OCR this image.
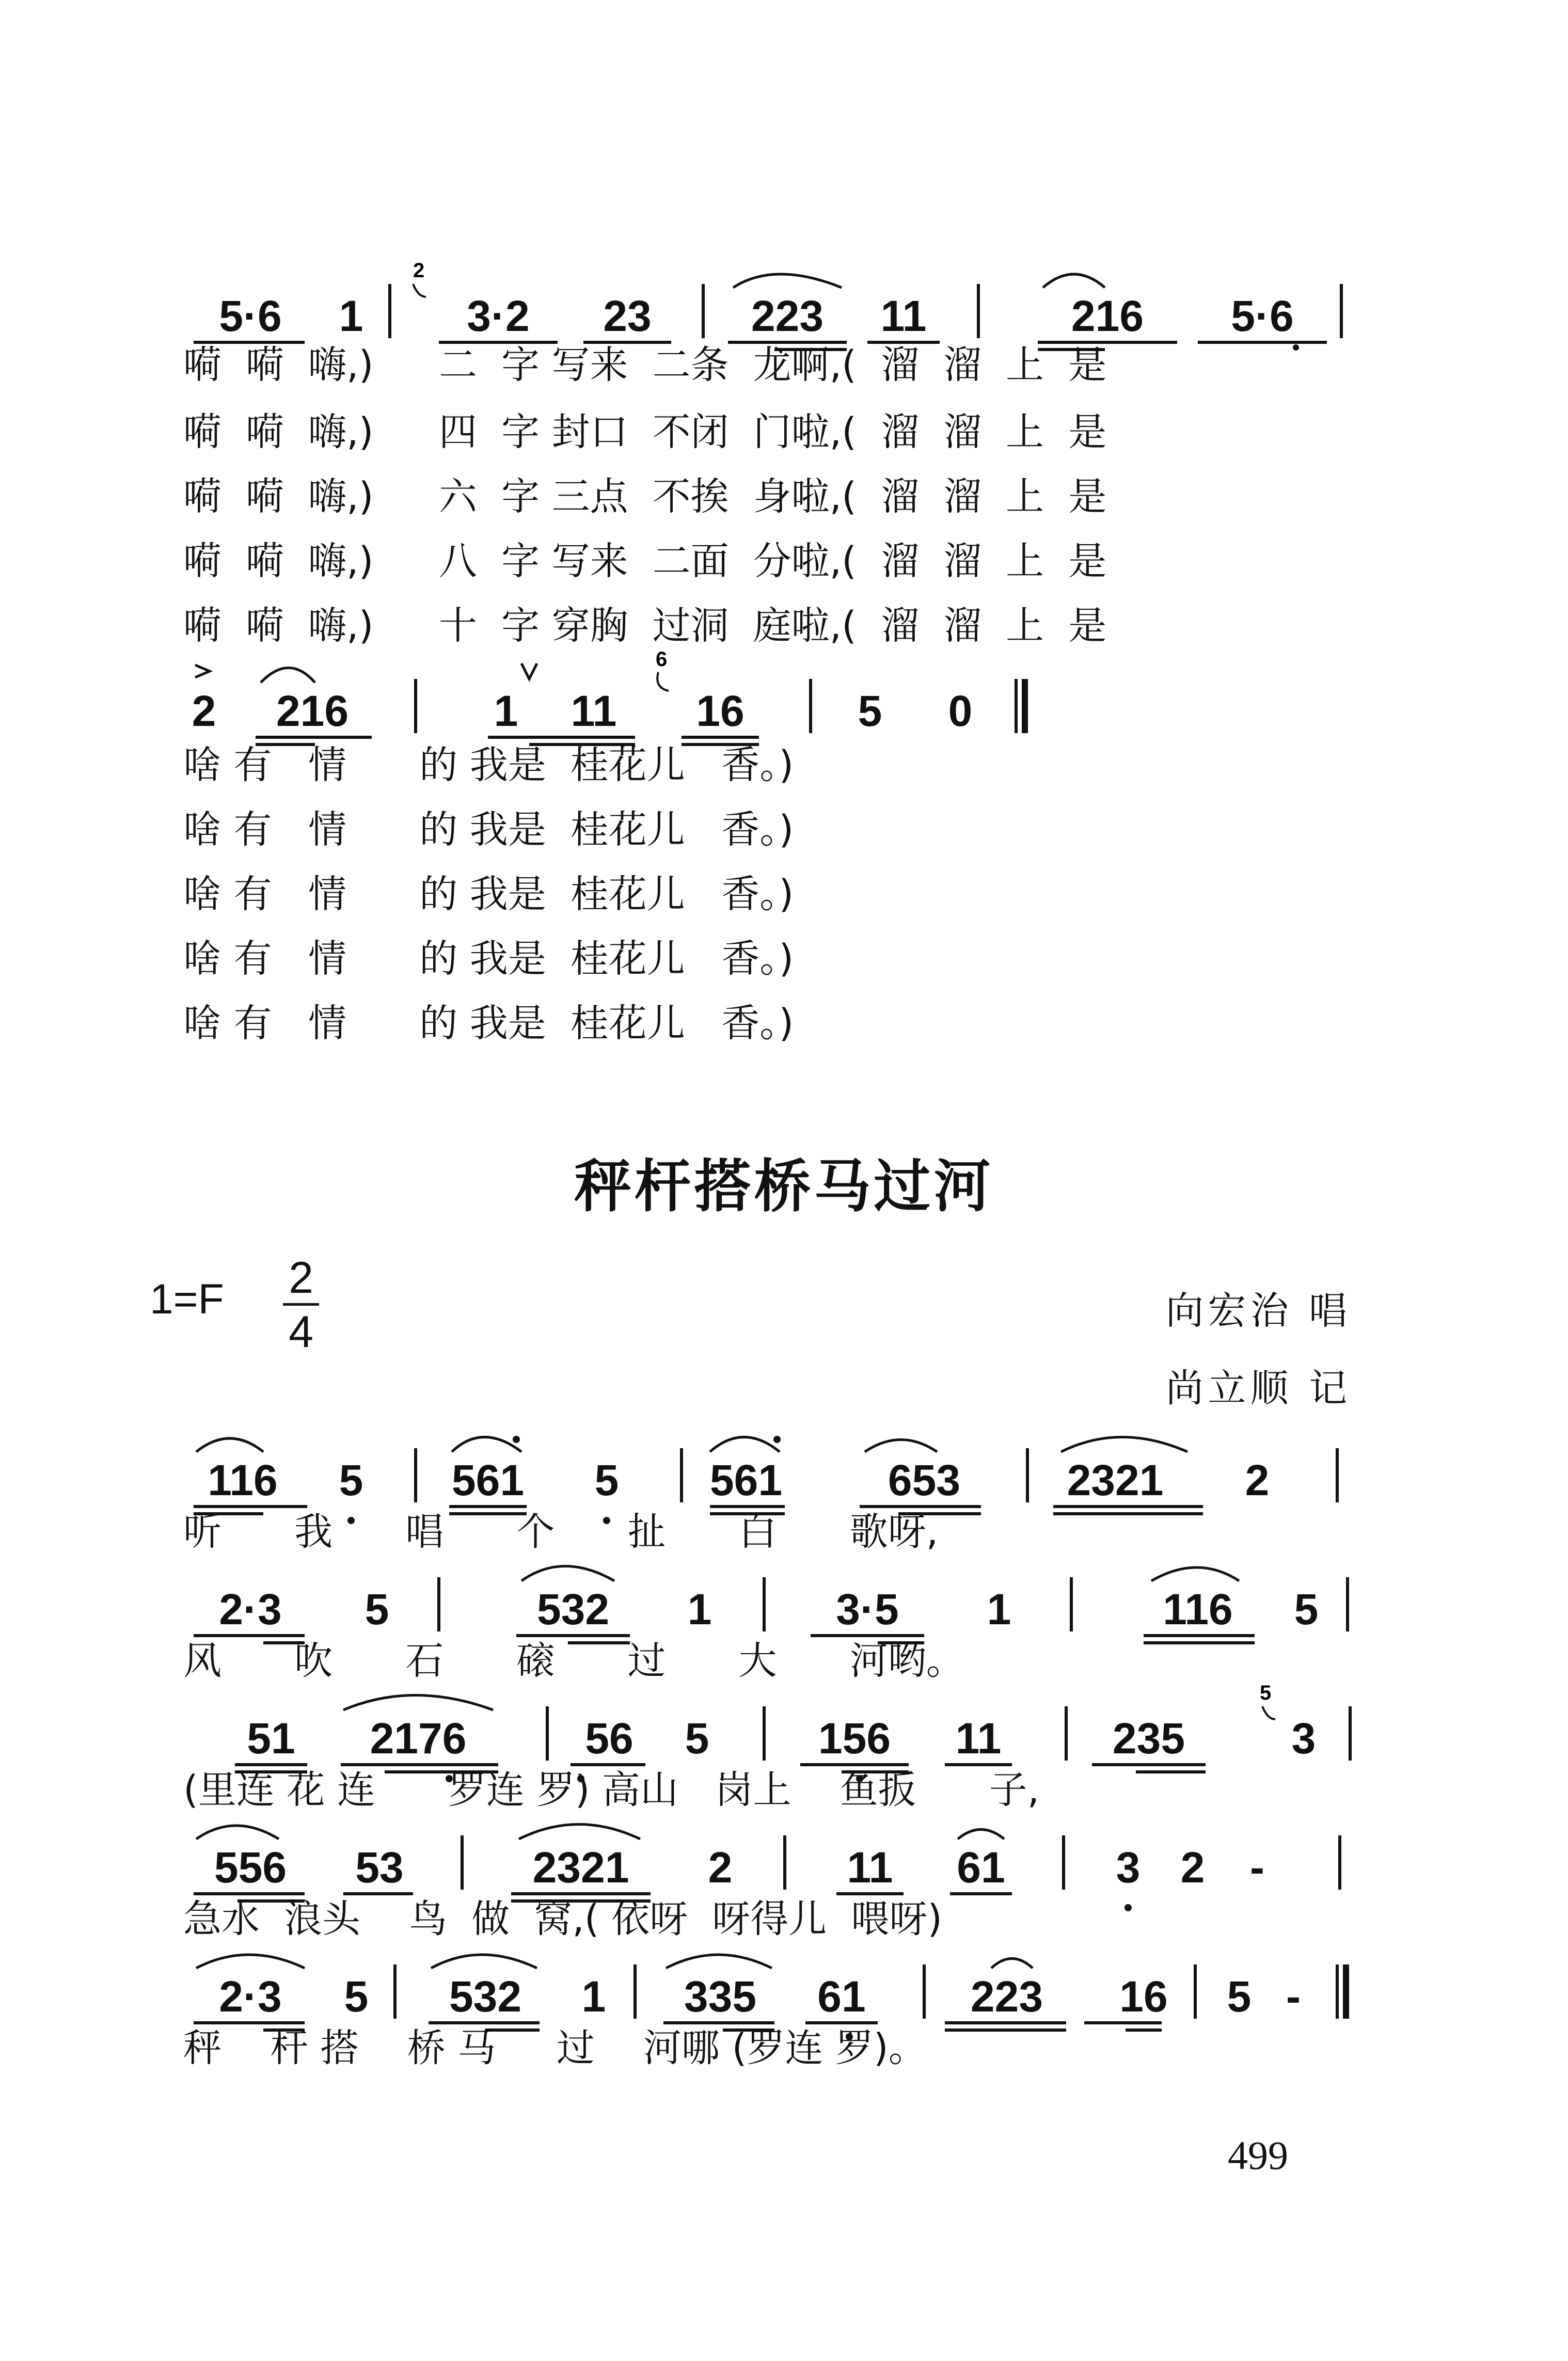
2
5·6 1 3·2 23 223 11	216 5·6
嗬  嗬  嗨,) 二  字 写来  二条  龙啊,(  溜  溜  上  是
嗬  嗬  嗨,) 四  字 封口  不闭  门啦,(  溜  溜  上  是
嗬  嗬  嗨,) 六  字 三点  不挨  身啦,(  溜  溜  上  是
嗬  嗬  嗨,) 八  字 写来  二面  分啦,(  溜  溜  上  是
嗬  嗬  嗨,) 十  字 穿胸  过洞  庭啦,(  溜  溜  上  是
6
2 216	1 11 16	5 0
啥 有   情      的 我是  桂花儿   香。)
啥 有   情      的 我是  桂花儿   香。)
啥 有   情      的 我是  桂花儿   香。)
啥 有   情      的 我是  桂花儿   香。)
啥 有   情      的 我是  桂花儿   香。)
秤杆搭桥马过河
1=F 2
4	向宏治 唱
尚立顺 记
116 5 561 5 561 653 2321 2
听      我      唱      个      扯      白      歌呀,
2·3 5	532 1	3·5 1	116 5
风      吹      石      磙      过      大      河哟。
5
51 2176	56 5	156 11	235 3
(里连 花 连      罗连 罗) 高山   岗上    鱼扳      子,
556 53	2321 2	11 61	3 2 -
急水  浪头    鸟  做  窝,( 依呀  呀得儿  喂呀)
2·3 5 532 1 335 61 223 16 5 -
秤    杆 搭    桥 马     过    河哪 (罗连 罗)。
499
